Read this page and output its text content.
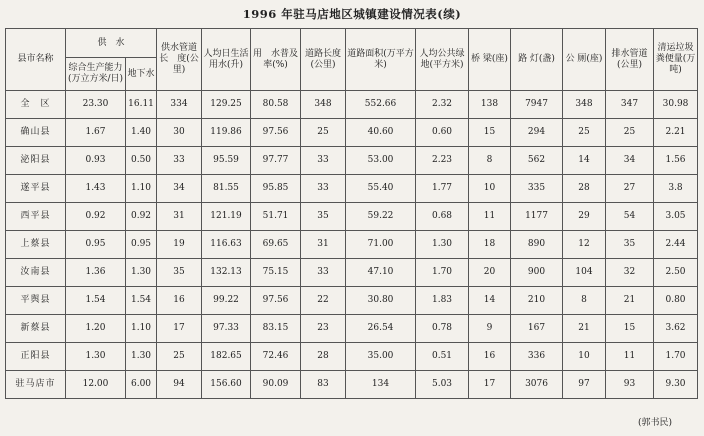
1996 年驻马店地区城镇建设情况表(续)
县市名称	供　水		供水管道长　度(公里)	人均日生活用水(升)	用　水普及率(%)	道路长度(公里)	道路面积(万平方米)	人均公共绿　地(平方米)	桥 梁(座)	路 灯(盏)	公 厕(座)	排水管道(公里)	清运垃圾粪便量(万吨)
	综合生产能力(万立方米/日)	地下水											
全　区	23.30	16.11	334	129.25	80.58	348	552.66	2.32	138	7947	348	347	30.98
确山县	1.67	1.40	30	119.86	97.56	25	40.60	0.60	15	294	25	25	2.21
泌阳县	0.93	0.50	33	95.59	97.77	33	53.00	2.23	8	562	14	34	1.56
遂平县	1.43	1.10	34	81.55	95.85	33	55.40	1.77	10	335	28	27	3.8
西平县	0.92	0.92	31	121.19	51.71	35	59.22	0.68	11	1177	29	54	3.05
上蔡县	0.95	0.95	19	116.63	69.65	31	71.00	1.30	18	890	12	35	2.44
汝南县	1.36	1.30	35	132.13	75.15	33	47.10	1.70	20	900	104	32	2.50
平舆县	1.54	1.54	16	99.22	97.56	22	30.80	1.83	14	210	8	21	0.80
新蔡县	1.20	1.10	17	97.33	83.15	23	26.54	0.78	9	167	21	15	3.62
正阳县	1.30	1.30	25	182.65	72.46	28	35.00	0.51	16	336	10	11	1.70
驻马店市	12.00	6.00	94	156.60	90.09	83	134	5.03	17	3076	97	93	9.30
(郭书民)
